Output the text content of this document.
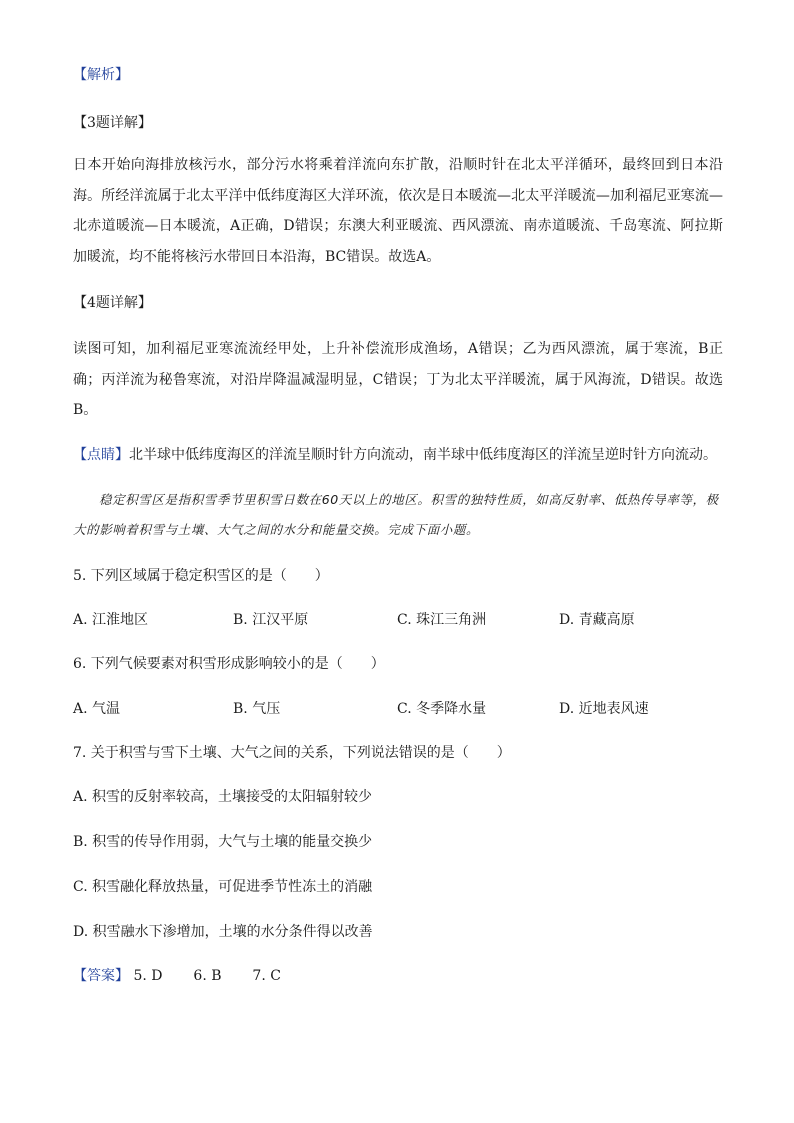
【解析】
【3题详解】
日本开始向海排放核污水，部分污水将乘着洋流向东扩散，沿顺时针在北太平洋循环，最终回到日本沿海。所经洋流属于北太平洋中低纬度海区大洋环流，依次是日本暖流—北太平洋暖流—加利福尼亚寒流—北赤道暖流—日本暖流，A正确，D错误；东澳大利亚暖流、西风漂流、南赤道暖流、千岛寒流、阿拉斯加暖流，均不能将核污水带回日本沿海，BC错误。故选A。
【4题详解】
读图可知，加利福尼亚寒流流经甲处，上升补偿流形成渔场，A错误；乙为西风漂流，属于寒流，B正确；丙洋流为秘鲁寒流，对沿岸降温减湿明显，C错误；丁为北太平洋暖流，属于风海流，D错误。故选B。
【点睛】北半球中低纬度海区的洋流呈顺时针方向流动，南半球中低纬度海区的洋流呈逆时针方向流动。
稳定积雪区是指积雪季节里积雪日数在60天以上的地区。积雪的独特性质，如高反射率、低热传导率等，极大的影响着积雪与土壤、大气之间的水分和能量交换。完成下面小题。
5. 下列区域属于稳定积雪区的是（　　）
A. 江淮地区	B. 江汉平原	C. 珠江三角洲	D. 青藏高原
6. 下列气候要素对积雪形成影响较小的是（　　）
A. 气温	B. 气压	C. 冬季降水量	D. 近地表风速
7. 关于积雪与雪下土壤、大气之间的关系，下列说法错误的是（　　）
A. 积雪的反射率较高，土壤接受的太阳辐射较少
B. 积雪的传导作用弱，大气与土壤的能量交换少
C. 积雪融化释放热量，可促进季节性冻土的消融
D. 积雪融水下渗增加，土壤的水分条件得以改善
【答案】 5. D 6. B 7. C
